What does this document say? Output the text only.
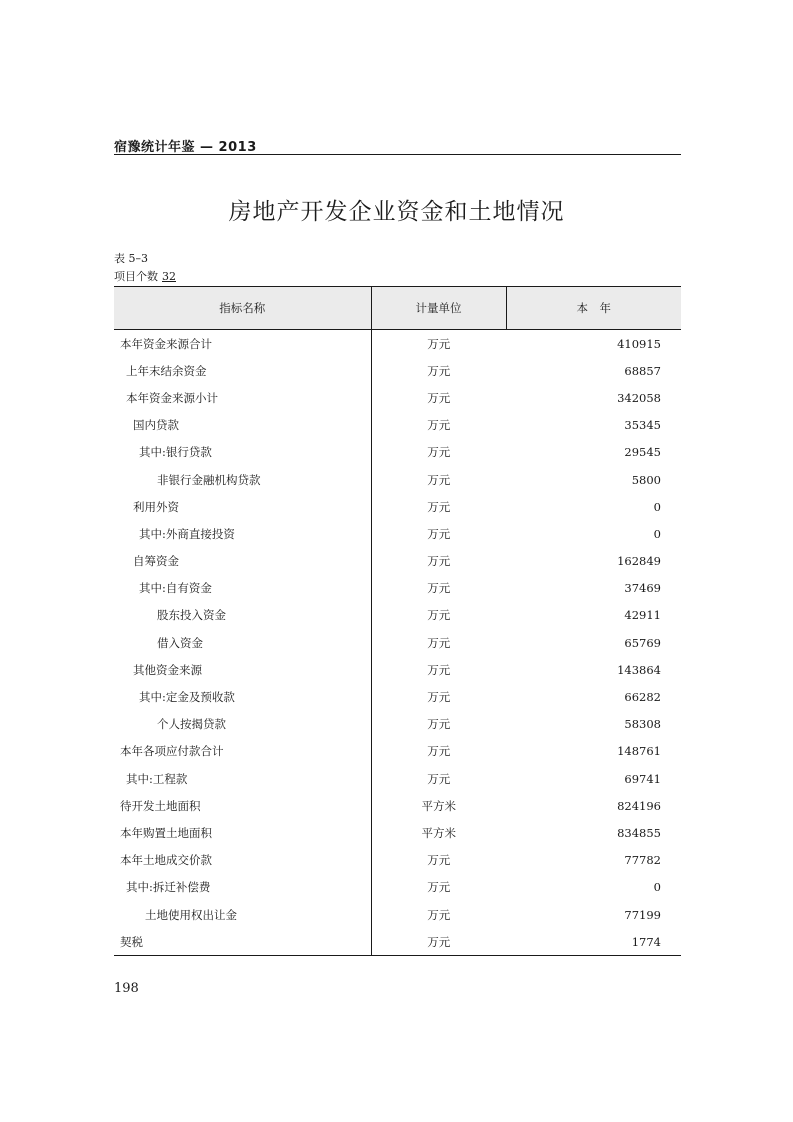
宿豫统计年鉴 — 2013
房地产开发企业资金和土地情况
表 5–3
项目个数 32
指标名称	计量单位	本　年
本年资金来源合计	万元	410915
上年末结余资金	万元	68857
本年资金来源小计	万元	342058
国内贷款	万元	35345
其中:银行贷款	万元	29545
非银行金融机构贷款	万元	5800
利用外资	万元	0
其中:外商直接投资	万元	0
自筹资金	万元	162849
其中:自有资金	万元	37469
股东投入资金	万元	42911
借入资金	万元	65769
其他资金来源	万元	143864
其中:定金及预收款	万元	66282
个人按揭贷款	万元	58308
本年各项应付款合计	万元	148761
其中:工程款	万元	69741
待开发土地面积	平方米	824196
本年购置土地面积	平方米	834855
本年土地成交价款	万元	77782
其中:拆迁补偿费	万元	0
土地使用权出让金	万元	77199
契税	万元	1774
198
